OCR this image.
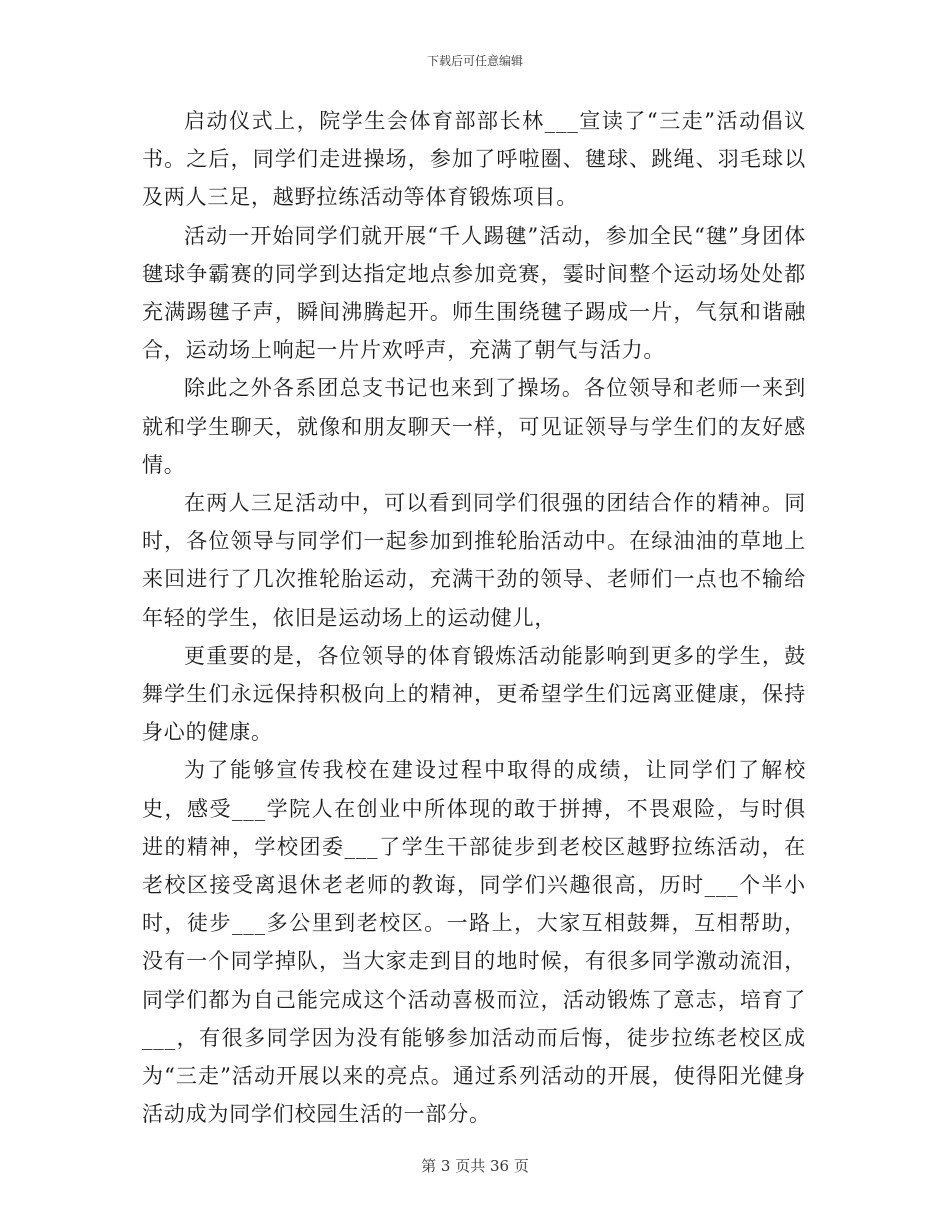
下载后可任意编辑

启动仪式上，院学生会体育部部长林___宣读了“三走”活动倡议书。之后，同学们走进操场，参加了呼啦圈、毽球、跳绳、羽毛球以及两人三足，越野拉练活动等体育锻炼项目。

活动一开始同学们就开展“千人踢毽”活动，参加全民“毽”身团体毽球争霸赛的同学到达指定地点参加竞赛，霎时间整个运动场处处都充满踢毽子声，瞬间沸腾起开。师生围绕毽子踢成一片，气氛和谐融合，运动场上响起一片片欢呼声，充满了朝气与活力。

除此之外各系团总支书记也来到了操场。各位领导和老师一来到就和学生聊天，就像和朋友聊天一样，可见证领导与学生们的友好感情。

在两人三足活动中，可以看到同学们很强的团结合作的精神。同时，各位领导与同学们一起参加到推轮胎活动中。在绿油油的草地上来回进行了几次推轮胎运动，充满干劲的领导、老师们一点也不输给年轻的学生，依旧是运动场上的运动健儿，

更重要的是，各位领导的体育锻炼活动能影响到更多的学生，鼓舞学生们永远保持积极向上的精神，更希望学生们远离亚健康，保持身心的健康。

为了能够宣传我校在建设过程中取得的成绩，让同学们了解校史，感受___学院人在创业中所体现的敢于拼搏，不畏艰险，与时俱进的精神，学校团委___了学生干部徒步到老校区越野拉练活动，在老校区接受离退休老老师的教诲，同学们兴趣很高，历时___个半小时，徒步___多公里到老校区。一路上，大家互相鼓舞，互相帮助，没有一个同学掉队，当大家走到目的地时候，有很多同学激动流泪，同学们都为自己能完成这个活动喜极而泣，活动锻炼了意志，培育了___，有很多同学因为没有能够参加活动而后悔，徒步拉练老校区成为“三走”活动开展以来的亮点。通过系列活动的开展，使得阳光健身活动成为同学们校园生活的一部分。

第 3 页共 36 页
